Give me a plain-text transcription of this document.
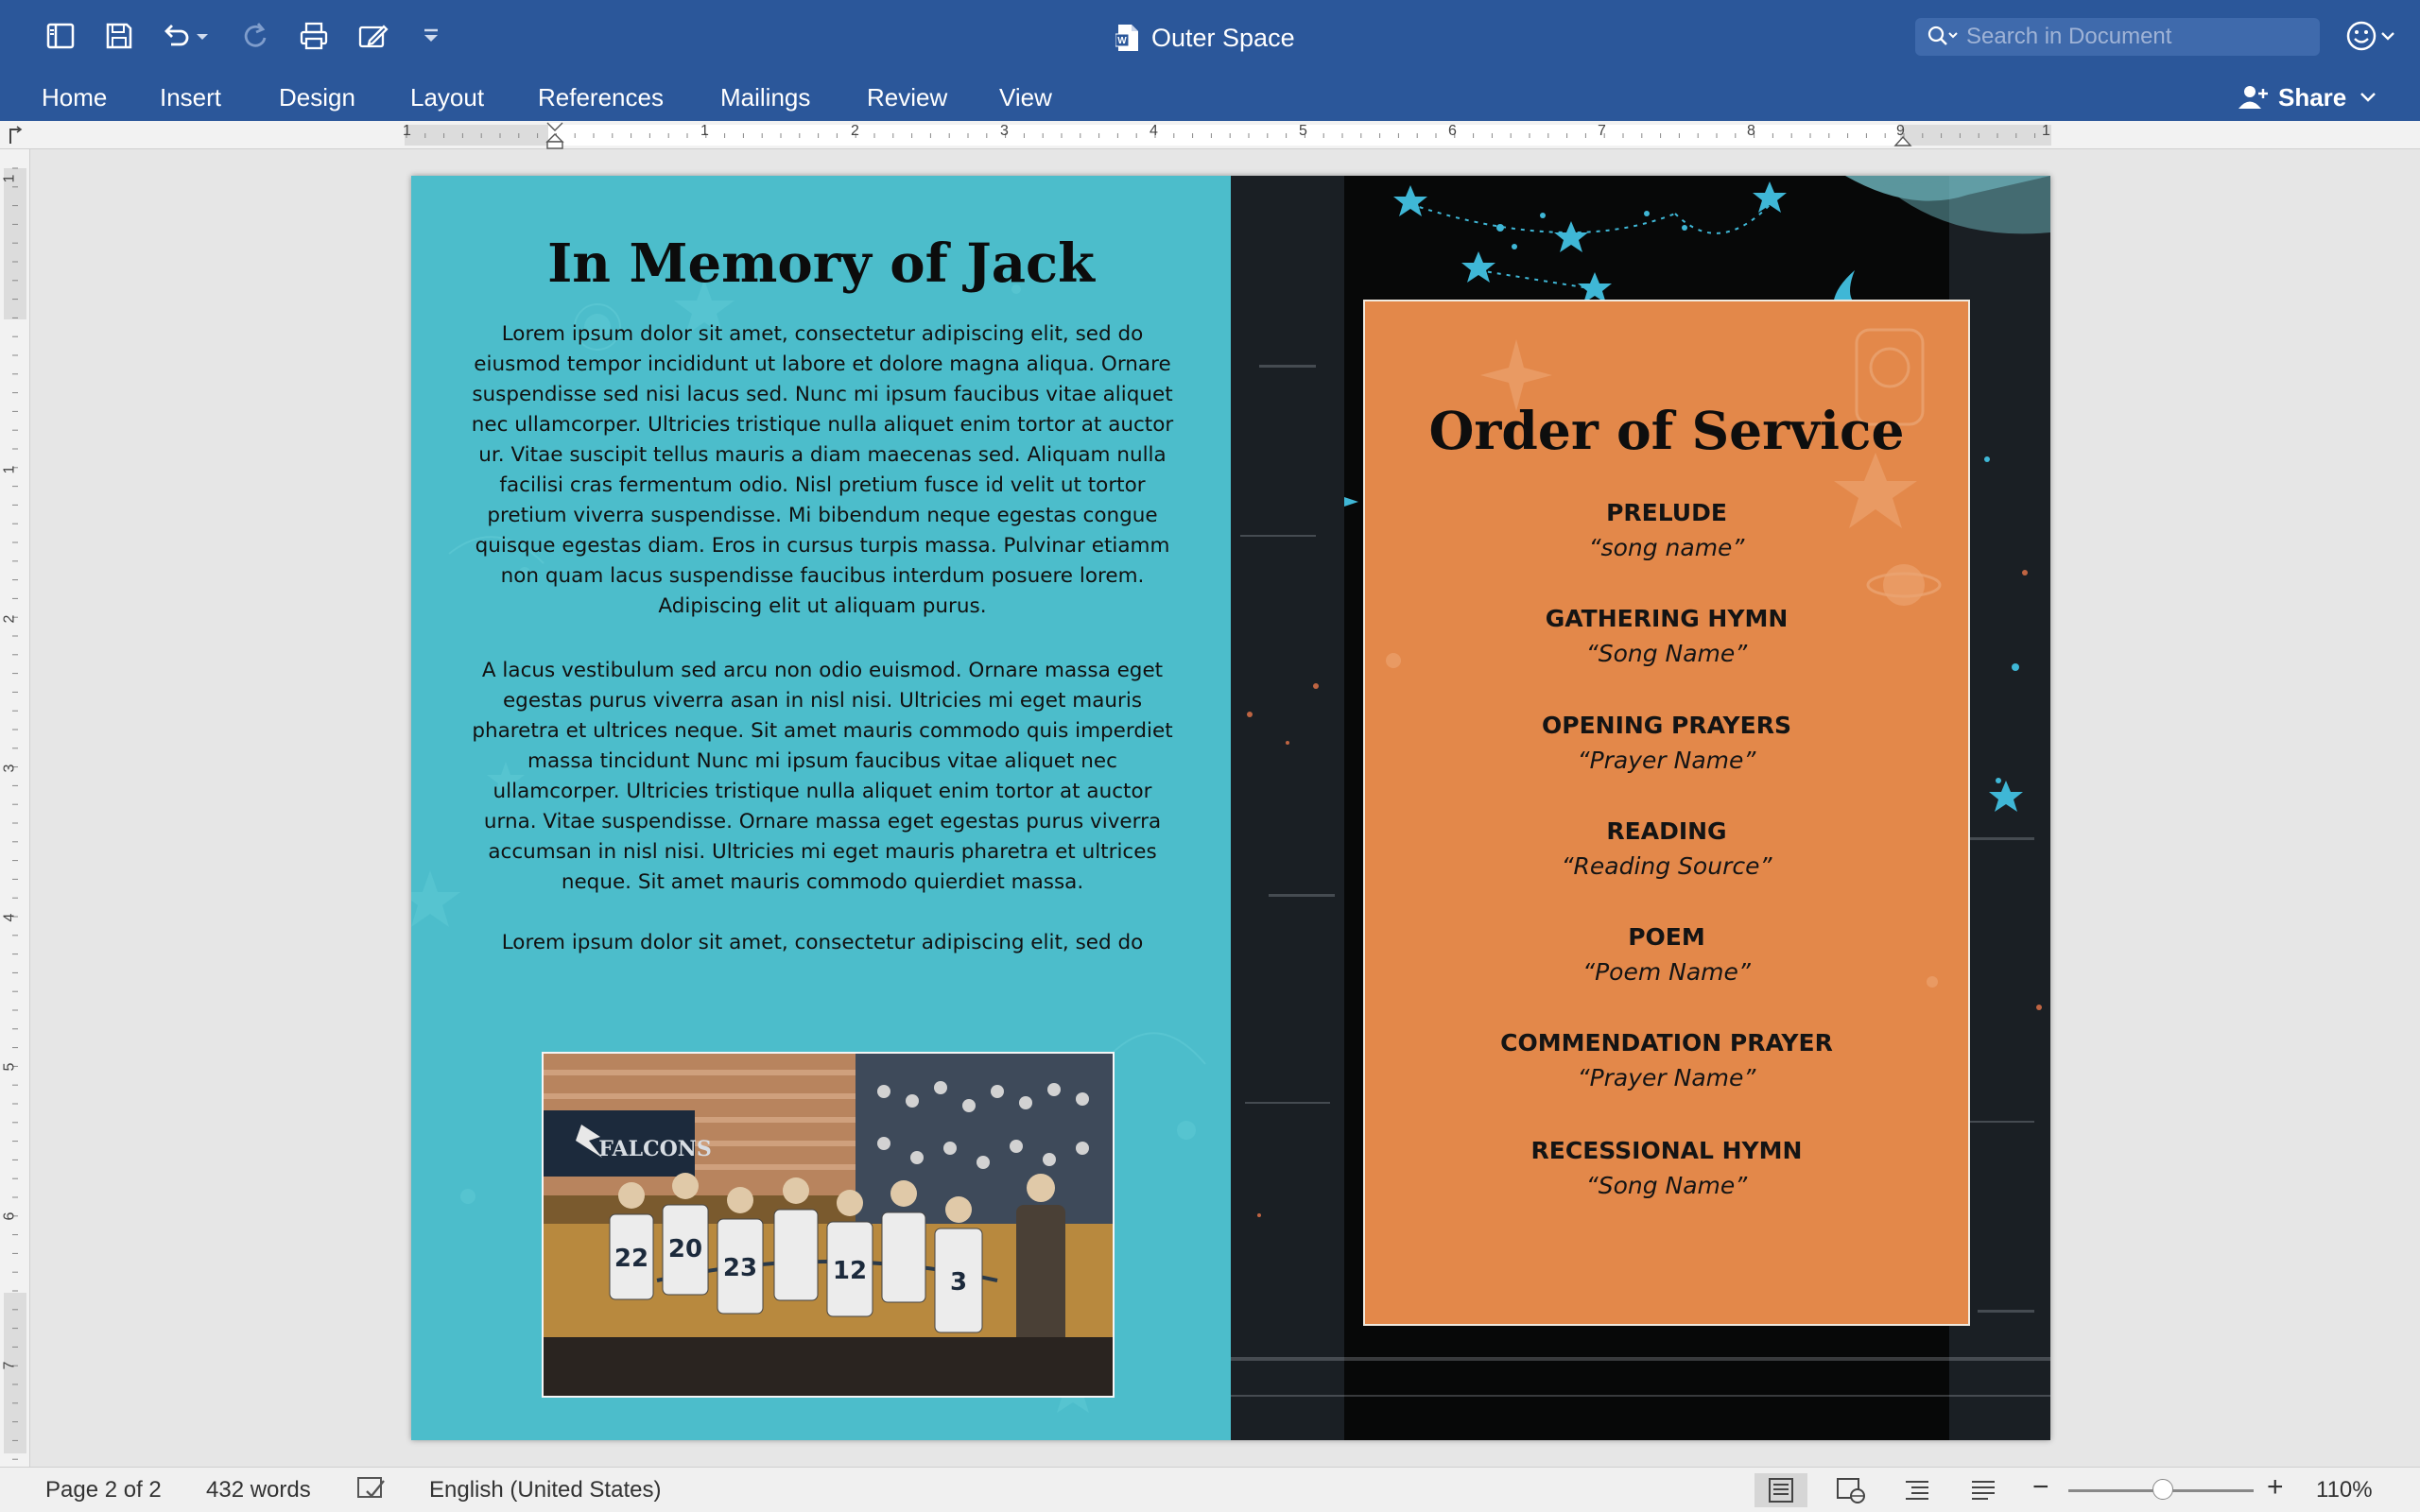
W Outer Space
Search in Document
Home Insert Design Layout References Mailings Review View	Share
1	1	2	3	4	5	6	7	8	9	1
1
1
2
3
4
5
6
7
In Memory of Jack

Lorem ipsum dolor sit amet, consectetur adipiscing elit, sed do eiusmod tempor incididunt ut labore et dolore magna aliqua. Ornare suspendisse sed nisi lacus sed. Nunc mi ipsum faucibus vitae aliquet nec ullamcorper. Ultricies tristique nulla aliquet enim tortor at auctor ur. Vitae suscipit tellus mauris a diam maecenas sed. Aliquam nulla facilisi cras fermentum odio. Nisl pretium fusce id velit ut tortor pretium viverra suspendisse. Mi bibendum neque egestas congue quisque egestas diam. Eros in cursus turpis massa. Pulvinar etiamm non quam lacus suspendisse faucibus interdum posuere lorem. Adipiscing elit ut aliquam purus.

A lacus vestibulum sed arcu non odio euismod. Ornare massa eget egestas purus viverra asan in nisl nisi. Ultricies mi eget mauris pharetra et ultrices neque. Sit amet mauris commodo quis imperdiet massa tincidunt Nunc mi ipsum faucibus vitae aliquet nec ullamcorper. Ultricies tristique nulla aliquet enim tortor at auctor urna. Vitae suspendisse. Ornare massa eget egestas purus viverra accumsan in nisl nisi. Ultricies mi eget mauris pharetra et ultrices neque. Sit amet mauris commodo quierdiet massa.

Lorem ipsum dolor sit amet, consectetur adipiscing elit, sed do

FALCONS
22 20
23	12	3
Order of Service
PRELUDE
“song name”
GATHERING HYMN
“Song Name”
OPENING PRAYERS
“Prayer Name”
READING
“Reading Source”
POEM
“Poem Name”
COMMENDATION PRAYER
“Prayer Name”
RECESSIONAL HYMN
“Song Name”
Page 2 of 2 432 words	English (United States)	−	+ 110%
